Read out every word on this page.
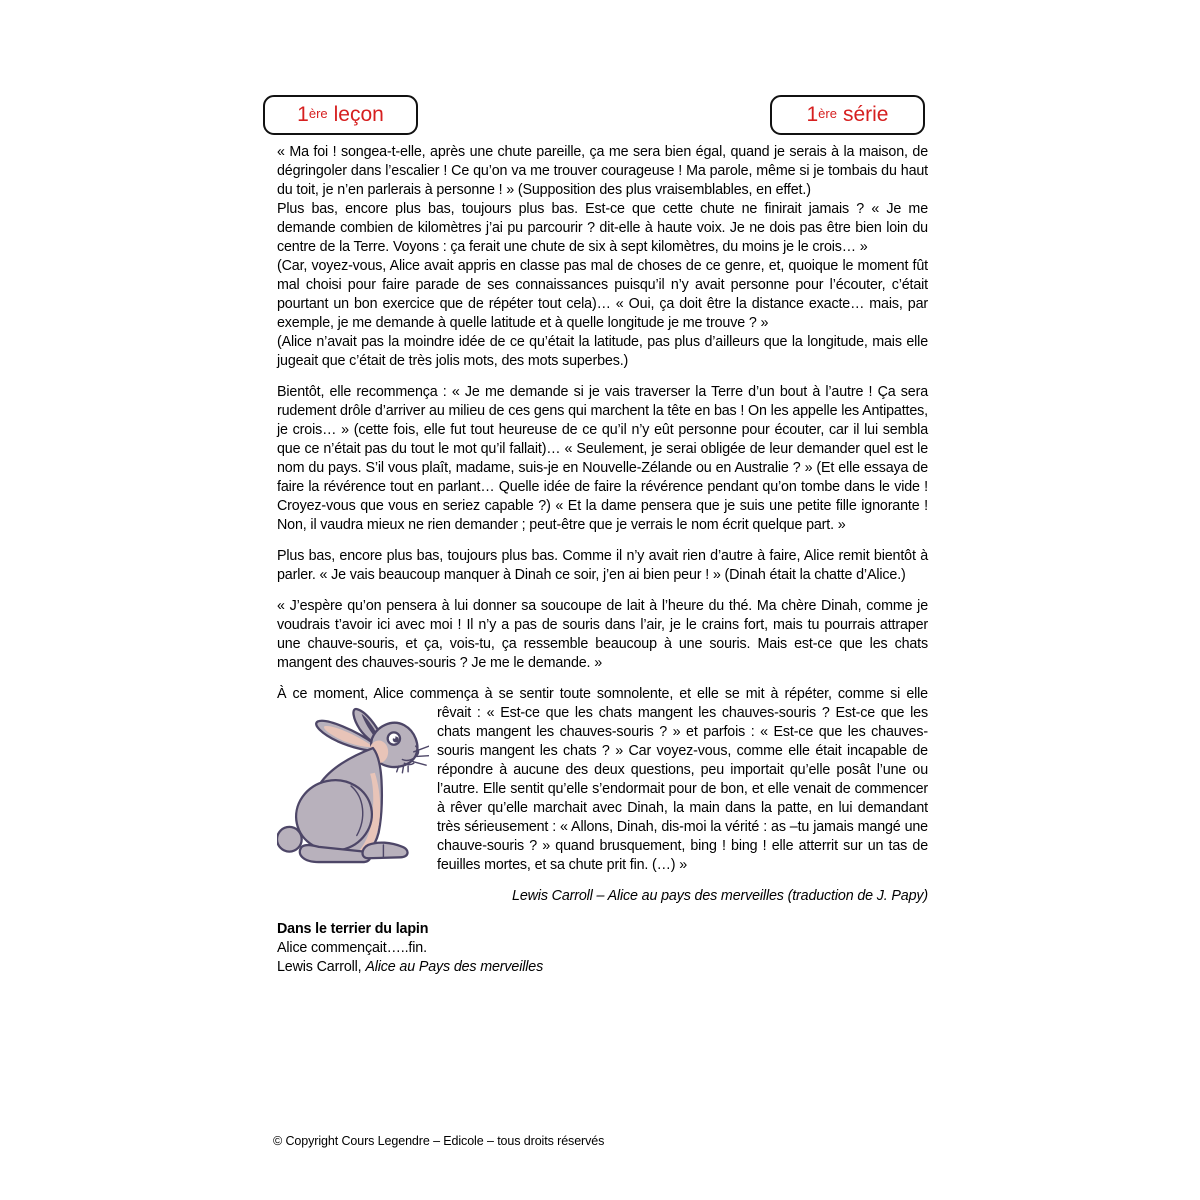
1ère leçon	1ère série

« Ma foi ! songea-t-elle, après une chute pareille, ça me sera bien égal, quand je serais à la maison, de dégringoler dans l’escalier ! Ce qu’on va me trouver courageuse ! Ma parole, même si je tombais du haut du toit, je n’en parlerais à personne ! » (Supposition des plus vraisemblables, en effet.)

Plus bas, encore plus bas, toujours plus bas. Est-ce que cette chute ne finirait jamais ? « Je me demande combien de kilomètres j’ai pu parcourir ? dit-elle à haute voix. Je ne dois pas être bien loin du centre de la Terre. Voyons : ça ferait une chute de six à sept kilomètres, du moins je le crois… »

(Car, voyez-vous, Alice avait appris en classe pas mal de choses de ce genre, et, quoique le moment fût mal choisi pour faire parade de ses connaissances puisqu’il n’y avait personne pour l’écouter, c’était pourtant un bon exercice que de répéter tout cela)… « Oui, ça doit être la distance exacte… mais, par exemple, je me demande à quelle latitude et à quelle longitude je me trouve ? »

(Alice n’avait pas la moindre idée de ce qu’était la latitude, pas plus d’ailleurs que la longitude, mais elle jugeait que c’était de très jolis mots, des mots superbes.)

Bientôt, elle recommença : « Je me demande si je vais traverser la Terre d’un bout à l’autre ! Ça sera rudement drôle d’arriver au milieu de ces gens qui marchent la tête en bas ! On les appelle les Antipattes, je crois… » (cette fois, elle fut tout heureuse de ce qu’il n’y eût personne pour écouter, car il lui sembla que ce n’était pas du tout le mot qu’il fallait)… « Seulement, je serai obligée de leur demander quel est le nom du pays. S’il vous plaît, madame, suis-je en Nouvelle-Zélande ou en Australie ? » (Et elle essaya de faire la révérence tout en parlant… Quelle idée de faire la révérence pendant qu’on tombe dans le vide ! Croyez-vous que vous en seriez capable ?) « Et la dame pensera que je suis une petite fille ignorante ! Non, il vaudra mieux ne rien demander ; peut-être que je verrais le nom écrit quelque part. »

Plus bas, encore plus bas, toujours plus bas. Comme il n’y avait rien d’autre à faire, Alice remit bientôt à parler. « Je vais beaucoup manquer à Dinah ce soir, j’en ai bien peur ! » (Dinah était la chatte d’Alice.)

« J’espère qu’on pensera à lui donner sa soucoupe de lait à l’heure du thé. Ma chère Dinah, comme je voudrais t’avoir ici avec moi ! Il n’y a pas de souris dans l’air, je le crains fort, mais tu pourrais attraper une chauve-souris, et ça, vois-tu, ça ressemble beaucoup à une souris. Mais est-ce que les chats mangent des chauves-souris ? Je me le demande. »

À ce moment, Alice commença à se sentir toute somnolente, et elle se mit à répéter, comme si elle

rêvait : « Est-ce que les chats mangent les chauves-souris ? Est-ce que les chats mangent les chauves-souris ? » et parfois : « Est-ce que les chauves-souris mangent les chats ? » Car voyez-vous, comme elle était incapable de répondre à aucune des deux questions, peu importait qu’elle posât l’une ou l’autre. Elle sentit qu’elle s’endormait pour de bon, et elle venait de commencer à rêver qu’elle marchait avec Dinah, la main dans la patte, en lui demandant très sérieusement : « Allons, Dinah, dis-moi la vérité : as –tu jamais mangé une chauve-souris ? » quand brusquement, bing ! bing ! elle atterrit sur un tas de feuilles mortes, et sa chute prit fin. (…) »

Lewis Carroll – Alice au pays des merveilles (traduction de J. Papy)
Dans le terrier du lapin
Alice commençait…..fin.
Lewis Carroll, Alice au Pays des merveilles
© Copyright Cours Legendre – Edicole – tous droits réservés
